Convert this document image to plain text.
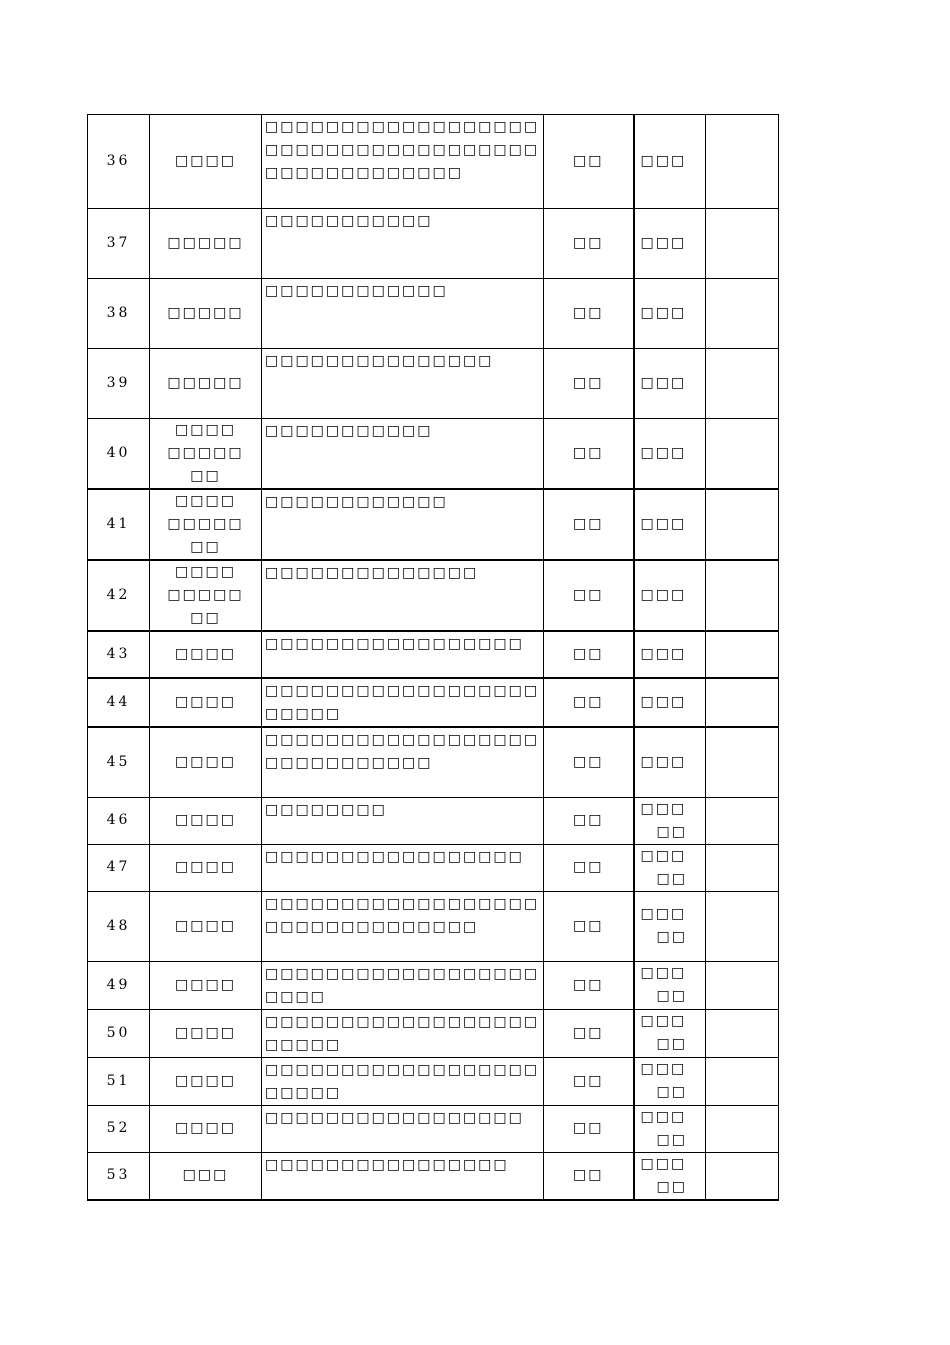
36	□□□□	□□□□□□□□□□□□□□□□□□□□□□□□□□□□□□□□□□□□□□□□□□□□□□□□□	□□	□□□	
37	□□□□□	□□□□□□□□□□□	□□	□□□	
38	□□□□□	□□□□□□□□□□□□	□□	□□□	
39	□□□□□	□□□□□□□□□□□□□□□	□□	□□□	
40	□□□□
□□□□□
□□	□□□□□□□□□□□	□□	□□□	
41	□□□□
□□□□□
□□	□□□□□□□□□□□□	□□	□□□	
42	□□□□
□□□□□
□□	□□□□□□□□□□□□□□	□□	□□□	
43	□□□□	□□□□□□□□□□□□□□□□□	□□	□□□	
44	□□□□	□□□□□□□□□□□□□□□□□□□□□□□	□□	□□□	
45	□□□□	□□□□□□□□□□□□□□□□□□□□□□□□□□□□□	□□	□□□	
46	□□□□	□□□□□□□□	□□	□□□
　□□	
47	□□□□	□□□□□□□□□□□□□□□□□	□□	□□□
　□□	
48	□□□□	□□□□□□□□□□□□□□□□□□□□□□□□□□□□□□□□	□□	□□□
　□□	
49	□□□□	□□□□□□□□□□□□□□□□□□□□□□	□□	□□□
　□□	
50	□□□□	□□□□□□□□□□□□□□□□□□□□□□□	□□	□□□
　□□	
51	□□□□	□□□□□□□□□□□□□□□□□□□□□□□	□□	□□□
　□□	
52	□□□□	□□□□□□□□□□□□□□□□□	□□	□□□
　□□	
53	□□□	□□□□□□□□□□□□□□□□	□□	□□□
　□□	
